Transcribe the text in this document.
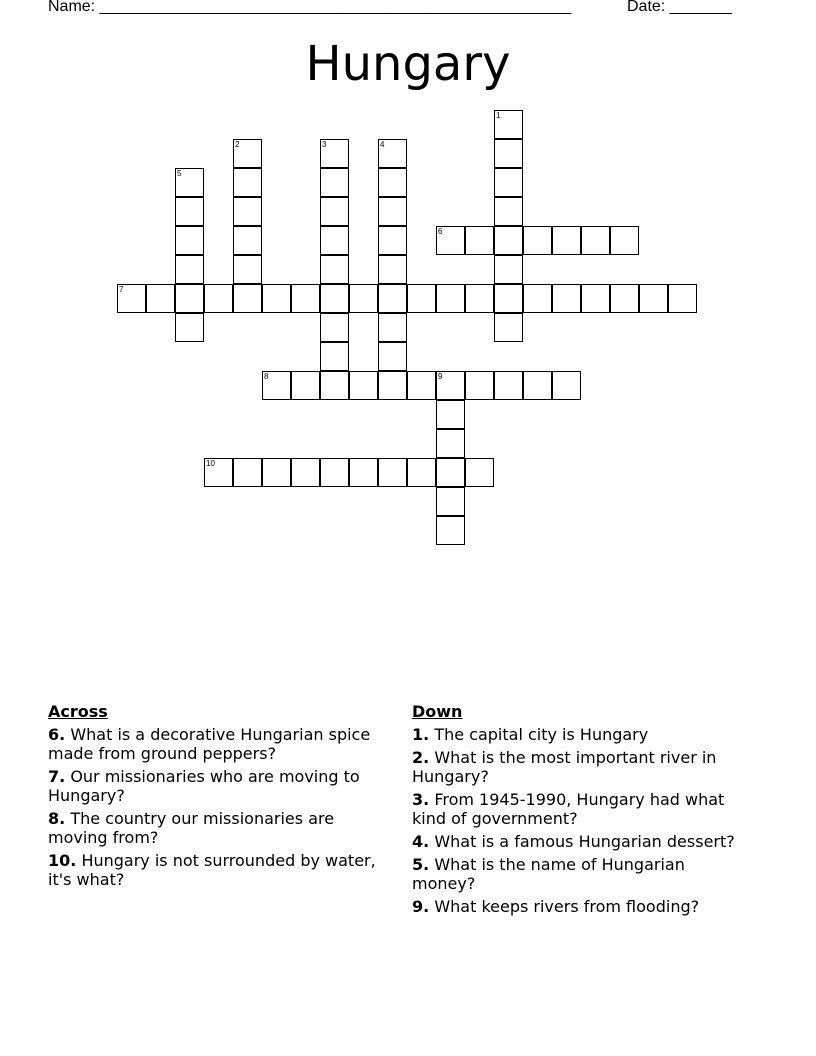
Name: _____________________________________________________	Date: _______
Hungary
1
2	3	4
5
6
7
8	9
10
Across
6. What is a decorative Hungarian spice made from ground peppers?
7. Our missionaries who are moving to Hungary?
8. The country our missionaries are moving from?
10. Hungary is not surrounded by water, it's what?
Down
1. The capital city is Hungary
2. What is the most important river in Hungary?
3. From 1945-1990, Hungary had what kind of government?
4. What is a famous Hungarian dessert?
5. What is the name of Hungarian money?
9. What keeps rivers from flooding?
